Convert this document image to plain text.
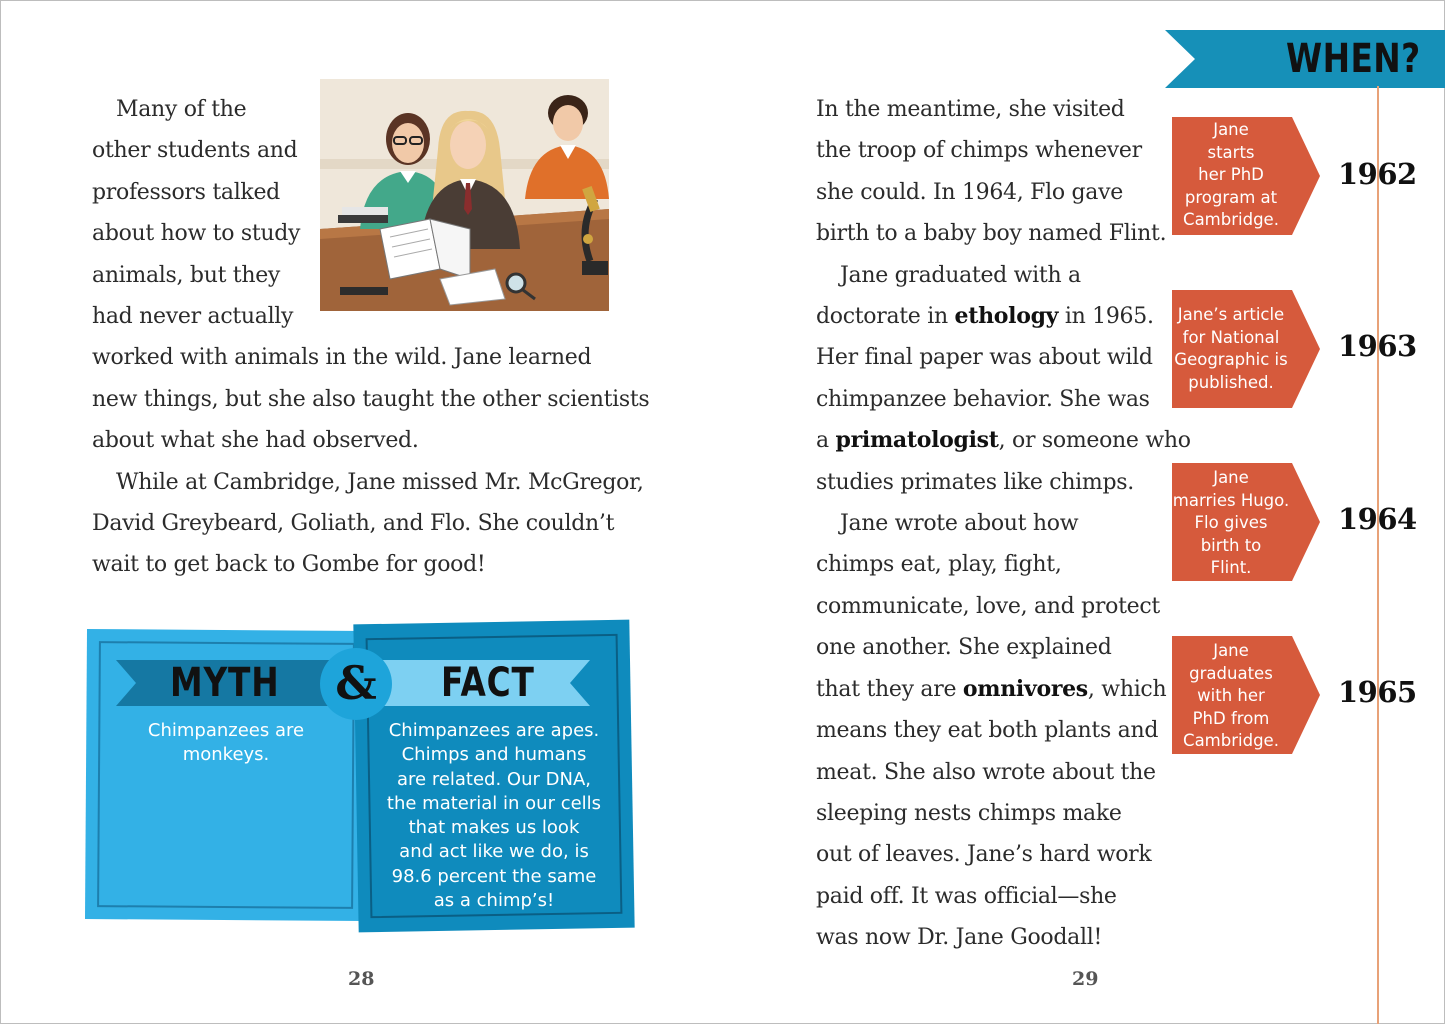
Many of the
other students and
professors talked
about how to study
animals, but they
had never actually
worked with animals in the wild. Jane learned
new things, but she also taught the other scientists
about what she had observed.
While at Cambridge, Jane missed Mr. McGregor,
David Greybeard, Goliath, and Flo. She couldn’t
wait to get back to Gombe for good!
MYTH	&	FACT
Chimpanzees are
monkeys.
Chimpanzees are apes.
Chimps and humans
are related. Our DNA,
the material in our cells
that makes us look
and act like we do, is
98.6 percent the same
as a chimp’s!
28
In the meantime, she visited
the troop of chimps whenever
she could. In 1964, Flo gave
birth to a baby boy named Flint.
Jane graduated with a
doctorate in ethology in 1965.
Her final paper was about wild
chimpanzee behavior. She was
a primatologist, or someone who
studies primates like chimps.
Jane wrote about how
chimps eat, play, fight,
communicate, love, and protect
one another. She explained
that they are omnivores, which
means they eat both plants and
meat. She also wrote about the
sleeping nests chimps make
out of leaves. Jane’s hard work
paid off. It was official—she
was now Dr. Jane Goodall!
29
WHEN?
Jane
starts
her PhD
program at
Cambridge.
Jane’s article
for National
Geographic is
published.
Jane
marries Hugo.
Flo gives
birth to
Flint.
Jane
graduates
with her
PhD from
Cambridge.
1962
1963
1964
1965
